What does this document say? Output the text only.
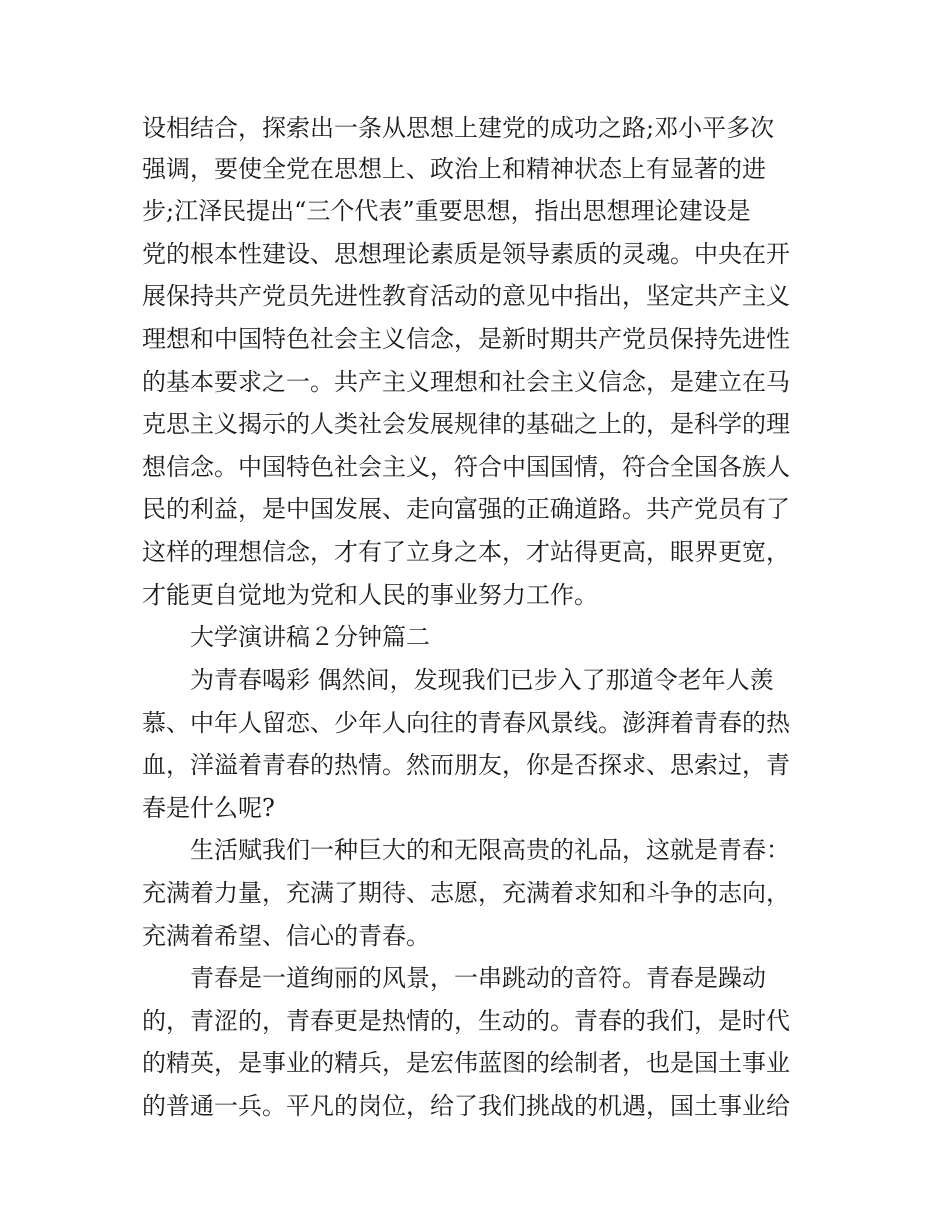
设相结合，探索出一条从思想上建党的成功之路;邓小平多次
强调，要使全党在思想上、政治上和精神状态上有显著的进
步;江泽民提出“三个代表”重要思想，指出思想理论建设是
党的根本性建设、思想理论素质是领导素质的灵魂。中央在开
展保持共产党员先进性教育活动的意见中指出，坚定共产主义
理想和中国特色社会主义信念，是新时期共产党员保持先进性
的基本要求之一。共产主义理想和社会主义信念，是建立在马
克思主义揭示的人类社会发展规律的基础之上的，是科学的理
想信念。中国特色社会主义，符合中国国情，符合全国各族人
民的利益，是中国发展、走向富强的正确道路。共产党员有了
这样的理想信念，才有了立身之本，才站得更高，眼界更宽，
才能更自觉地为党和人民的事业努力工作。
大学演讲稿２分钟篇二
为青春喝彩 偶然间，发现我们已步入了那道令老年人羡
慕、中年人留恋、少年人向往的青春风景线。澎湃着青春的热
血，洋溢着青春的热情。然而朋友，你是否探求、思索过，青
春是什么呢?
生活赋我们一种巨大的和无限高贵的礼品，这就是青春：
充满着力量，充满了期待、志愿，充满着求知和斗争的志向，
充满着希望、信心的青春。
青春是一道绚丽的风景，一串跳动的音符。青春是躁动
的，青涩的，青春更是热情的，生动的。青春的我们，是时代
的精英，是事业的精兵，是宏伟蓝图的绘制者，也是国土事业
的普通一兵。平凡的岗位，给了我们挑战的机遇，国土事业给
